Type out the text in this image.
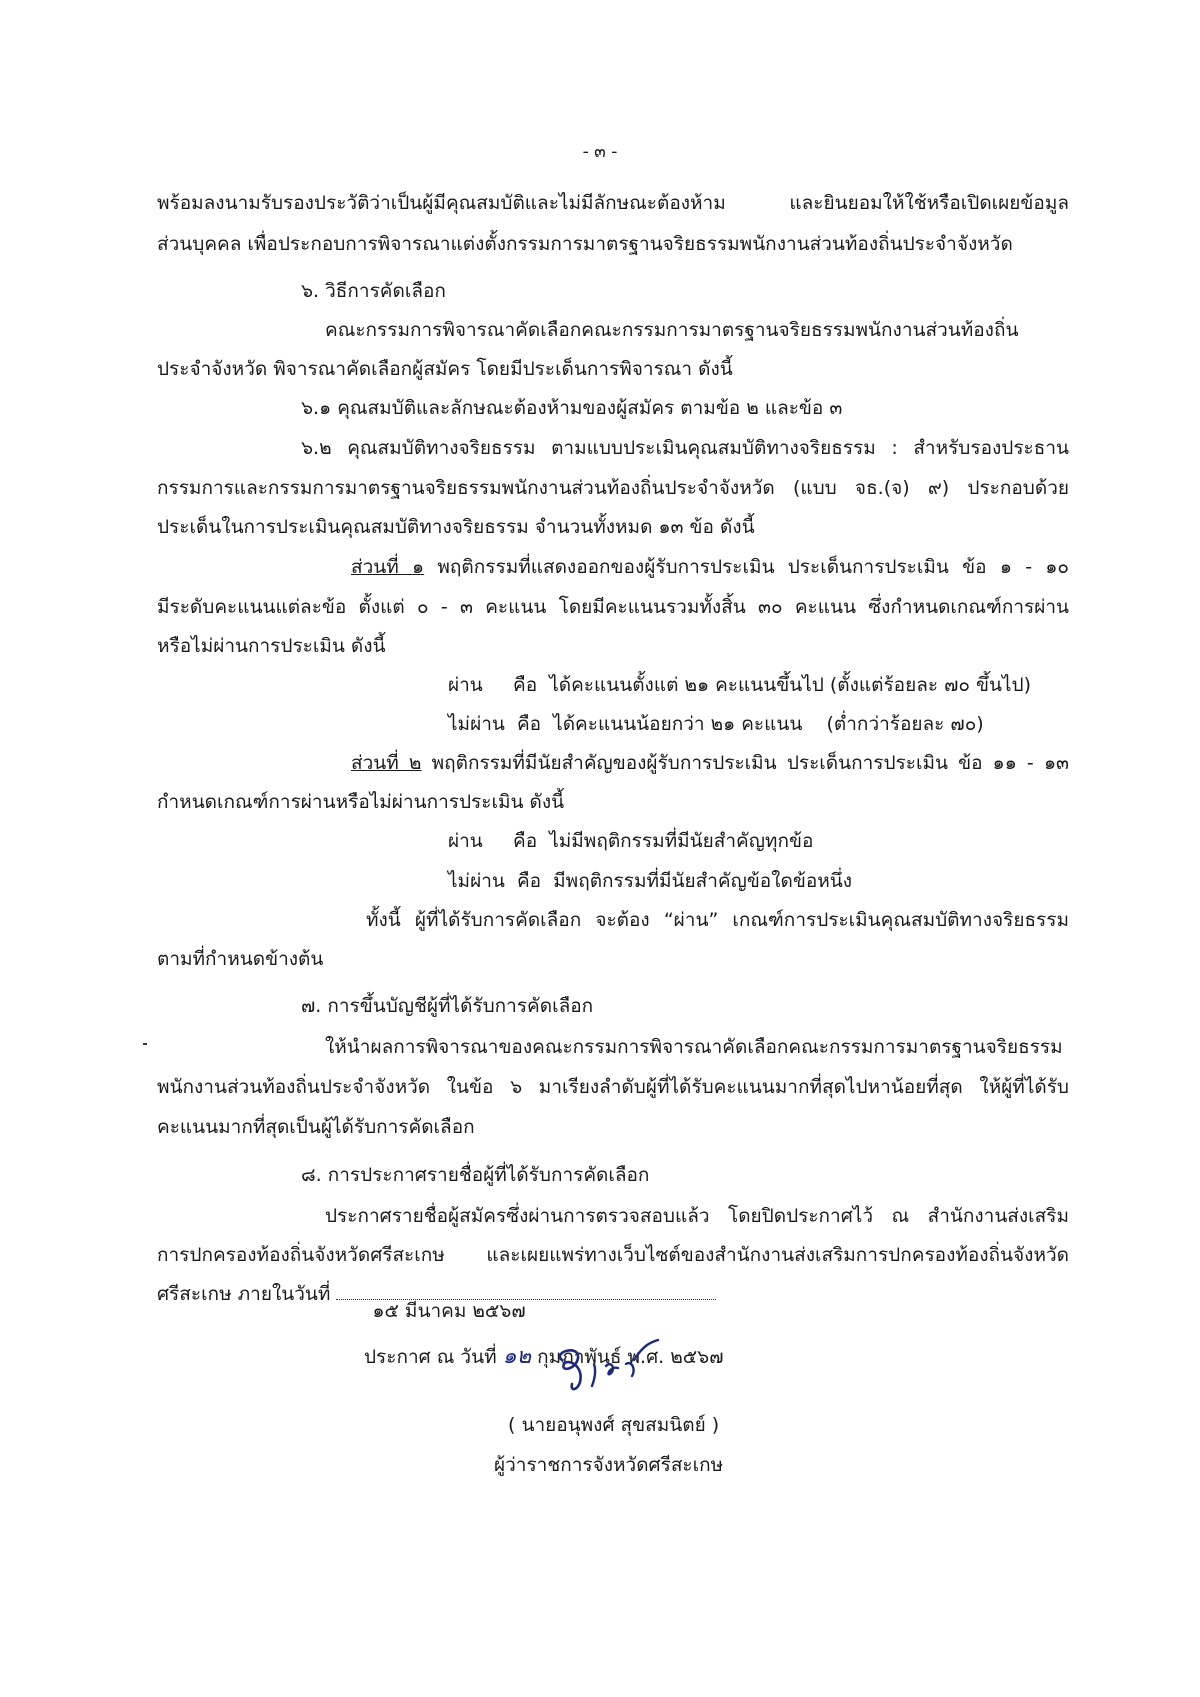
- ๓ -
พร้อมลงนามรับรองประวัติว่าเป็นผู้มีคุณสมบัติและไม่มีลักษณะต้องห้าม และยินยอมให้ใช้หรือเปิดเผยข้อมูล
ส่วนบุคคล เพื่อประกอบการพิจารณาแต่งตั้งกรรมการมาตรฐานจริยธรรมพนักงานส่วนท้องถิ่นประจำจังหวัด
๖. วิธีการคัดเลือก
คณะกรรมการพิจารณาคัดเลือกคณะกรรมการมาตรฐานจริยธรรมพนักงานส่วนท้องถิ่น
ประจำจังหวัด พิจารณาคัดเลือกผู้สมัคร โดยมีประเด็นการพิจารณา ดังนี้
๖.๑ คุณสมบัติและลักษณะต้องห้ามของผู้สมัคร ตามข้อ ๒ และข้อ ๓
๖.๒ คุณสมบัติทางจริยธรรม ตามแบบประเมินคุณสมบัติทางจริยธรรม : สำหรับรองประธาน
กรรมการและกรรมการมาตรฐานจริยธรรมพนักงานส่วนท้องถิ่นประจำจังหวัด (แบบ จธ.(จ) ๙) ประกอบด้วย
ประเด็นในการประเมินคุณสมบัติทางจริยธรรม จำนวนทั้งหมด ๑๓ ข้อ ดังนี้
ส่วนที่ ๑ พฤติกรรมที่แสดงออกของผู้รับการประเมิน ประเด็นการประเมิน ข้อ ๑ - ๑๐
มีระดับคะแนนแต่ละข้อ ตั้งแต่ ๐ - ๓ คะแนน โดยมีคะแนนรวมทั้งสิ้น ๓๐ คะแนน ซึ่งกำหนดเกณฑ์การผ่าน
หรือไม่ผ่านการประเมิน ดังนี้
ผ่าน     คือ  ได้คะแนนตั้งแต่ ๒๑ คะแนนขึ้นไป (ตั้งแต่ร้อยละ ๗๐ ขึ้นไป)
ไม่ผ่าน  คือ  ได้คะแนนน้อยกว่า ๒๑ คะแนน    (ต่ำกว่าร้อยละ ๗๐)
ส่วนที่ ๒ พฤติกรรมที่มีนัยสำคัญของผู้รับการประเมิน ประเด็นการประเมิน ข้อ ๑๑ - ๑๓
กำหนดเกณฑ์การผ่านหรือไม่ผ่านการประเมิน ดังนี้
ผ่าน     คือ  ไม่มีพฤติกรรมที่มีนัยสำคัญทุกข้อ
ไม่ผ่าน  คือ  มีพฤติกรรมที่มีนัยสำคัญข้อใดข้อหนึ่ง
ทั้งนี้ ผู้ที่ได้รับการคัดเลือก จะต้อง “ผ่าน” เกณฑ์การประเมินคุณสมบัติทางจริยธรรม
ตามที่กำหนดข้างต้น
๗. การขึ้นบัญชีผู้ที่ได้รับการคัดเลือก
ให้นำผลการพิจารณาของคณะกรรมการพิจารณาคัดเลือกคณะกรรมการมาตรฐานจริยธรรม
พนักงานส่วนท้องถิ่นประจำจังหวัด ในข้อ ๖ มาเรียงลำดับผู้ที่ได้รับคะแนนมากที่สุดไปหาน้อยที่สุด ให้ผู้ที่ได้รับ
คะแนนมากที่สุดเป็นผู้ได้รับการคัดเลือก
๘. การประกาศรายชื่อผู้ที่ได้รับการคัดเลือก
ประกาศรายชื่อผู้สมัครซึ่งผ่านการตรวจสอบแล้ว โดยปิดประกาศไว้ ณ สำนักงานส่งเสริม
การปกครองท้องถิ่นจังหวัดศรีสะเกษ และเผยแพร่ทางเว็บไซต์ของสำนักงานส่งเสริมการปกครองท้องถิ่นจังหวัด
ศรีสะเกษ ภายในวันที่
๑๕ มีนาคม ๒๕๖๗
ประกาศ ณ วันที่ ๑๒ กุมภาพันธ์ พ.ศ. ๒๕๖๗
( นายอนุพงศ์ สุขสมนิตย์ )
ผู้ว่าราชการจังหวัดศรีสะเกษ
